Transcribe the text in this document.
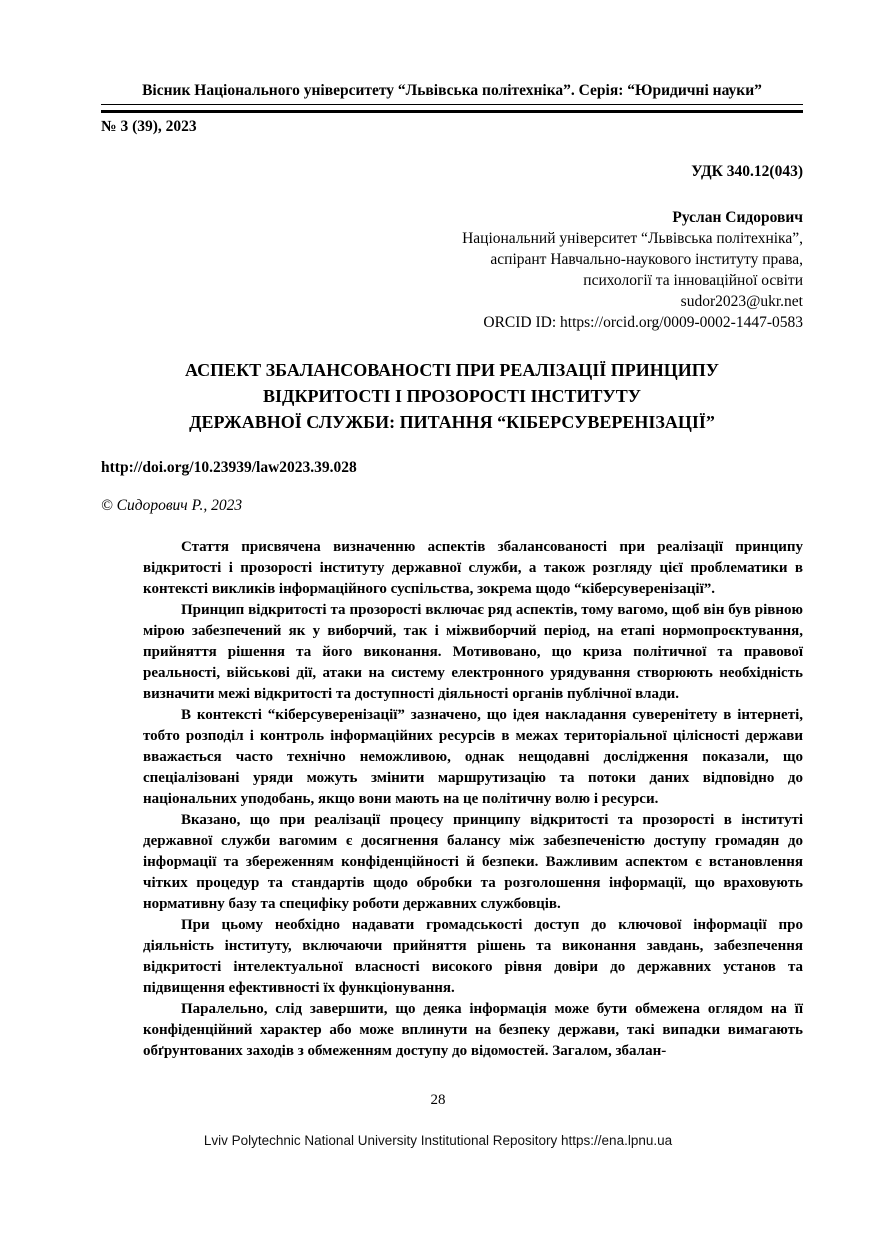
Вісник Національного університету “Львівська політехніка”. Серія: “Юридичні науки”
№ 3 (39), 2023
УДК 340.12(043)
Руслан Сидорович
Національний університет “Львівська політехніка”,
аспірант Навчально-наукового інституту права,
психології та інноваційної освіти
sudor2023@ukr.net
ORCID ID: https://orcid.org/0009-0002-1447-0583
АСПЕКТ ЗБАЛАНСОВАНОСТІ ПРИ РЕАЛІЗАЦІЇ ПРИНЦИПУ
ВІДКРИТОСТІ І ПРОЗОРОСТІ ІНСТИТУТУ
ДЕРЖАВНОЇ СЛУЖБИ: ПИТАННЯ “КІБЕРСУВЕРЕНІЗАЦІЇ”
http://doi.org/10.23939/law2023.39.028
© Сидорович Р., 2023

Стаття присвячена визначенню аспектів збалансованості при реалізації принципу відкритості і прозорості інституту державної служби, а також розгляду цієї проблематики в контексті викликів інформаційного суспільства, зокрема щодо “кіберсуверенізації”.

Принцип відкритості та прозорості включає ряд аспектів, тому вагомо, щоб він був рівною мірою забезпечений як у виборчий, так і міжвиборчий період, на етапі нормопроєктування, прийняття рішення та його виконання. Мотивовано, що криза політичної та правової реальності, військові дії, атаки на систему електронного урядування створюють необхідність визначити межі відкритості та доступності діяльності органів публічної влади.

В контексті “кіберсуверенізації” зазначено, що ідея накладання суверенітету в інтернеті, тобто розподіл і контроль інформаційних ресурсів в межах територіальної цілісності держави вважається часто технічно неможливою, однак нещодавні дослідження показали, що спеціалізовані уряди можуть змінити маршрутизацію та потоки даних відповідно до національних уподобань, якщо вони мають на це політичну волю і ресурси.

Вказано, що при реалізації процесу принципу відкритості та прозорості в інституті державної служби вагомим є досягнення балансу між забезпеченістю доступу громадян до інформації та збереженням конфіденційності й безпеки. Важливим аспектом є встановлення чітких процедур та стандартів щодо обробки та розголошення інформації, що враховують нормативну базу та специфіку роботи державних службовців.

При цьому необхідно надавати громадськості доступ до ключової інформації про діяльність інституту, включаючи прийняття рішень та виконання завдань, забезпечення відкритості інтелектуальної власності високого рівня довіри до державних установ та підвищення ефективності їх функціонування.

Паралельно, слід завершити, що деяка інформація може бути обмежена оглядом на її конфіденційний характер або може вплинути на безпеку держави, такі випадки вимагають обґрунтованих заходів з обмеженням доступу до відомостей. Загалом, збалан-

28
Lviv Polytechnic National University Institutional Repository https://ena.lpnu.ua
